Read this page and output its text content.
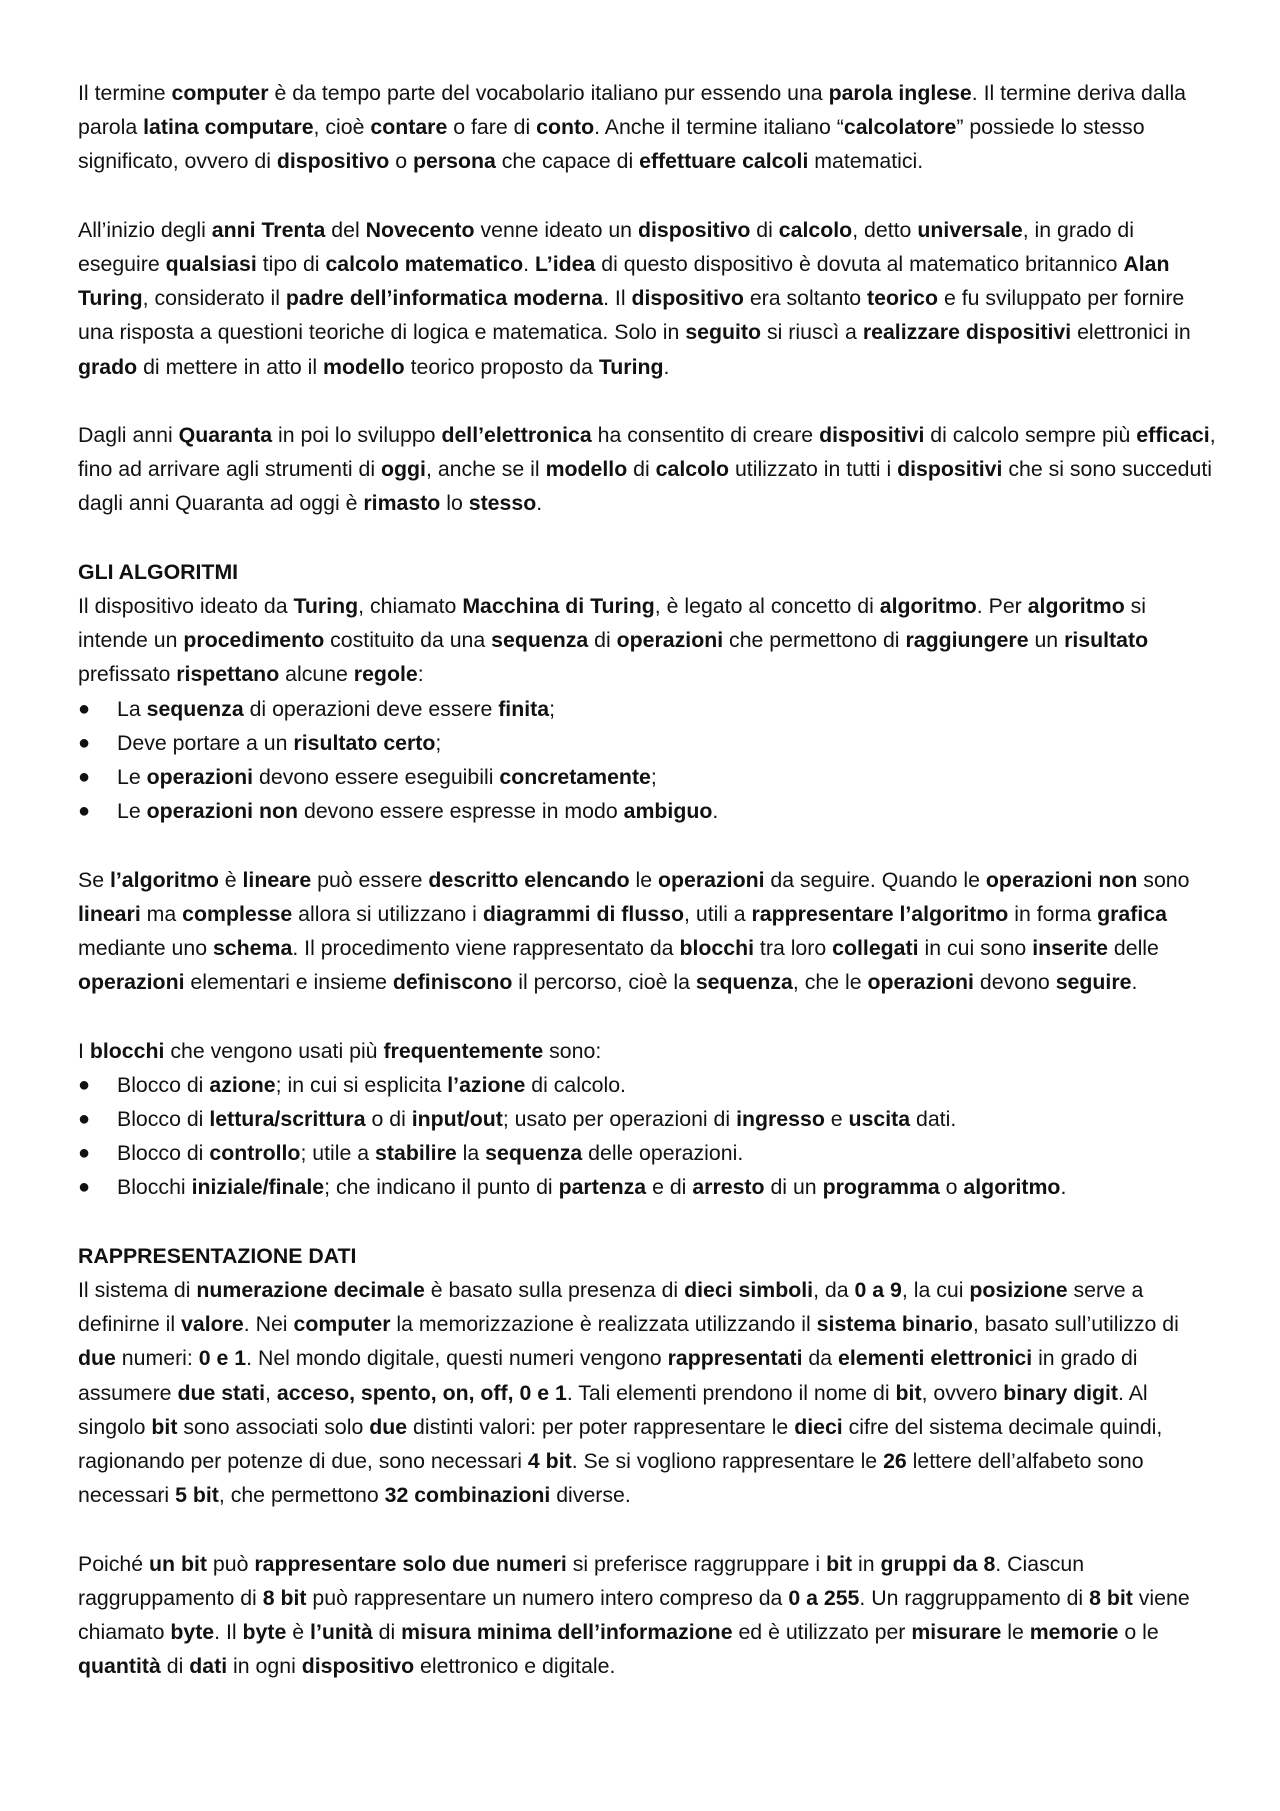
Il termine computer è da tempo parte del vocabolario italiano pur essendo una parola inglese. Il termine deriva dalla parola latina computare, cioè contare o fare di conto. Anche il termine italiano “calcolatore” possiede lo stesso significato, ovvero di dispositivo o persona che capace di effettuare calcoli matematici.

All’inizio degli anni Trenta del Novecento venne ideato un dispositivo di calcolo, detto universale, in grado di eseguire qualsiasi tipo di calcolo matematico. L’idea di questo dispositivo è dovuta al matematico britannico Alan Turing, considerato il padre dell’informatica moderna. Il dispositivo era soltanto teorico e fu sviluppato per fornire una risposta a questioni teoriche di logica e matematica. Solo in seguito si riuscì a realizzare dispositivi elettronici in grado di mettere in atto il modello teorico proposto da Turing.

Dagli anni Quaranta in poi lo sviluppo dell’elettronica ha consentito di creare dispositivi di calcolo sempre più efficaci, fino ad arrivare agli strumenti di oggi, anche se il modello di calcolo utilizzato in tutti i dispositivi che si sono succeduti dagli anni Quaranta ad oggi è rimasto lo stesso.

GLI ALGORITMI

Il dispositivo ideato da Turing, chiamato Macchina di Turing, è legato al concetto di algoritmo. Per algoritmo si intende un procedimento costituito da una sequenza di operazioni che permettono di raggiungere un risultato prefissato rispettano alcune regole:

● La sequenza di operazioni deve essere finita;
● Deve portare a un risultato certo;
● Le operazioni devono essere eseguibili concretamente;
● Le operazioni non devono essere espresse in modo ambiguo.

Se l’algoritmo è lineare può essere descritto elencando le operazioni da seguire. Quando le operazioni non sono lineari ma complesse allora si utilizzano i diagrammi di flusso, utili a rappresentare l’algoritmo in forma grafica mediante uno schema. Il procedimento viene rappresentato da blocchi tra loro collegati in cui sono inserite delle operazioni elementari e insieme definiscono il percorso, cioè la sequenza, che le operazioni devono seguire.

I blocchi che vengono usati più frequentemente sono:

● Blocco di azione; in cui si esplicita l’azione di calcolo.
● Blocco di lettura/scrittura o di input/out; usato per operazioni di ingresso e uscita dati.
● Blocco di controllo; utile a stabilire la sequenza delle operazioni.
● Blocchi iniziale/finale; che indicano il punto di partenza e di arresto di un programma o algoritmo.
RAPPRESENTAZIONE DATI

Il sistema di numerazione decimale è basato sulla presenza di dieci simboli, da 0 a 9, la cui posizione serve a definirne il valore. Nei computer la memorizzazione è realizzata utilizzando il sistema binario, basato sull’utilizzo di due numeri: 0 e 1. Nel mondo digitale, questi numeri vengono rappresentati da elementi elettronici in grado di assumere due stati, acceso, spento, on, off, 0 e 1. Tali elementi prendono il nome di bit, ovvero binary digit. Al singolo bit sono associati solo due distinti valori: per poter rappresentare le dieci cifre del sistema decimale quindi, ragionando per potenze di due, sono necessari 4 bit. Se si vogliono rappresentare le 26 lettere dell’alfabeto sono necessari 5 bit, che permettono 32 combinazioni diverse.

Poiché un bit può rappresentare solo due numeri si preferisce raggruppare i bit in gruppi da 8. Ciascun raggruppamento di 8 bit può rappresentare un numero intero compreso da 0 a 255. Un raggruppamento di 8 bit viene chiamato byte. Il byte è l’unità di misura minima dell’informazione ed è utilizzato per misurare le memorie o le quantità di dati in ogni dispositivo elettronico e digitale.
